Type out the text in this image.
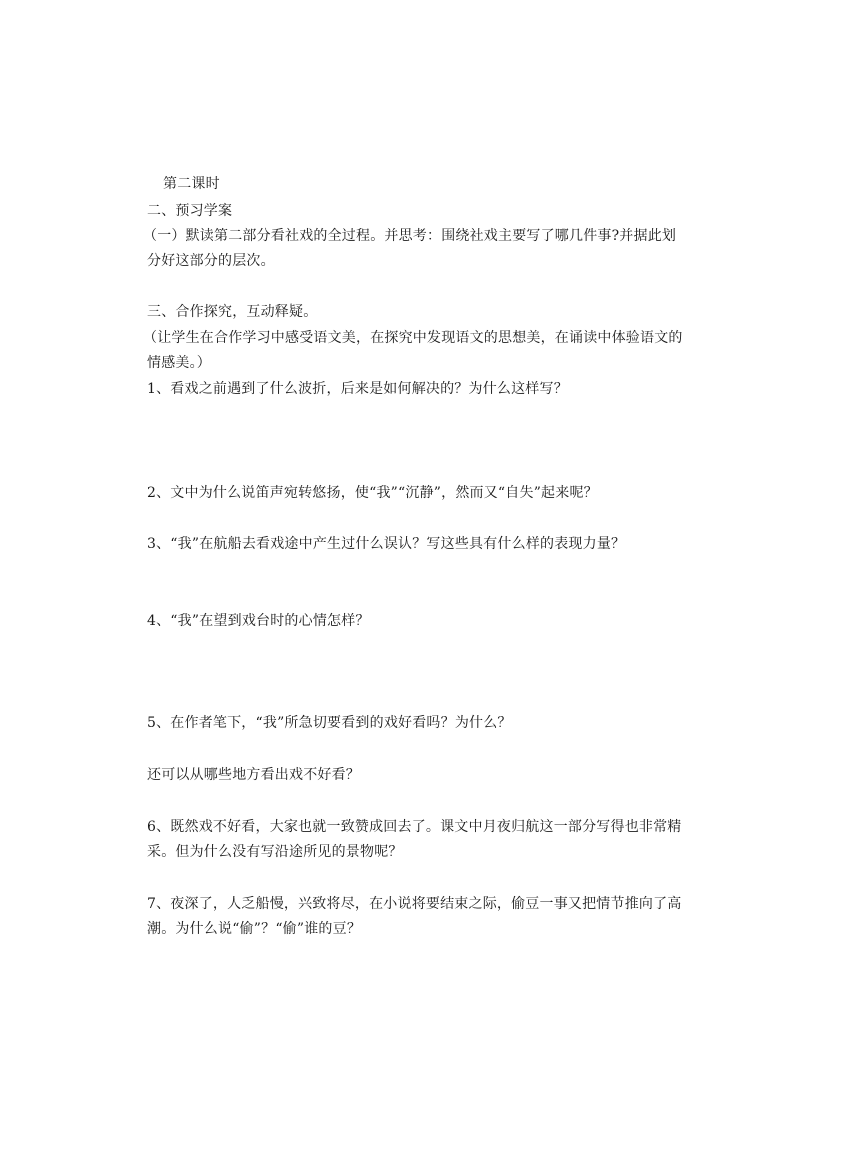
第二课时
二、预习学案
（一）默读第二部分看社戏的全过程。并思考：围绕社戏主要写了哪几件事?并据此划
分好这部分的层次。
三、合作探究，互动释疑。
（让学生在合作学习中感受语文美，在探究中发现语文的思想美，在诵读中体验语文的
情感美。）
1、看戏之前遇到了什么波折，后来是如何解决的？为什么这样写？
2、文中为什么说笛声宛转悠扬，使“我”“沉静”，然而又“自失”起来呢？
3、“我”在航船去看戏途中产生过什么误认？写这些具有什么样的表现力量？
4、“我”在望到戏台时的心情怎样？
5、在作者笔下，“我”所急切要看到的戏好看吗？为什么？
还可以从哪些地方看出戏不好看？
6、既然戏不好看，大家也就一致赞成回去了。课文中月夜归航这一部分写得也非常精
采。但为什么没有写沿途所见的景物呢？
7、夜深了，人乏船慢，兴致将尽，在小说将要结束之际，偷豆一事又把情节推向了高
潮。为什么说“偷”？“偷”谁的豆？
